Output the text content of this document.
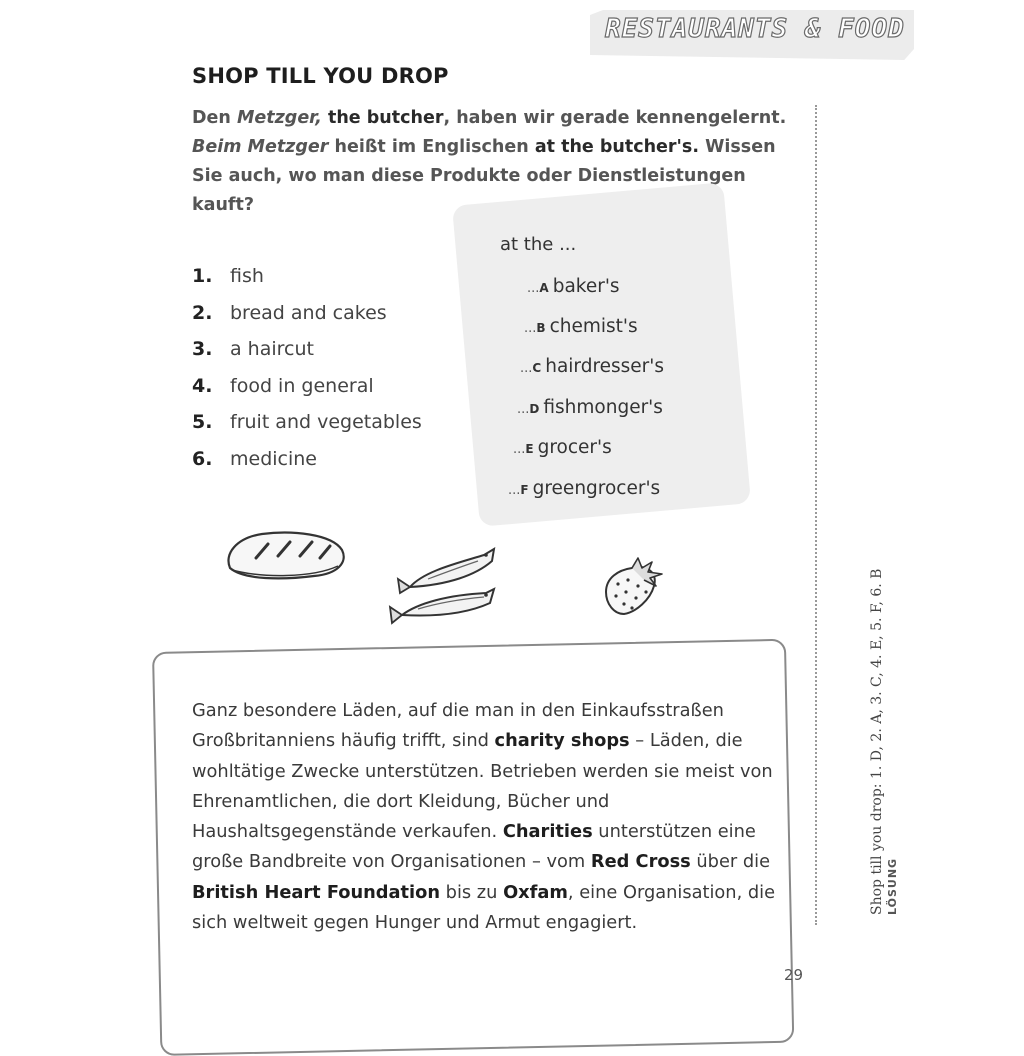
RESTAURANTS & FOOD
SHOP TILL YOU DROP
Den Metzger, the butcher, haben wir gerade kennengelernt.
Beim Metzger heißt im Englischen at the butcher's. Wissen Sie auch, wo man diese Produkte oder Dienstleistungen kauft?
1. fish
2. bread and cakes
3. a haircut
4. food in general
5. fruit and vegetables
6. medicine
at the ...
...A baker's
...B chemist's
...C hairdresser's
...D fishmonger's
...E grocer's
...F greengrocer's
Ganz besondere Läden, auf die man in den Einkaufsstraßen Großbritanniens häufig trifft, sind charity shops – Läden, die wohltätige Zwecke unterstützen. Betrieben werden sie meist von Ehrenamtlichen, die dort Kleidung, Bücher und Haushaltsgegenstände verkaufen. Charities unterstützen eine große Bandbreite von Organisationen – vom Red Cross über die British Heart Foundation bis zu Oxfam, eine Organisation, die sich weltweit gegen Hunger und Armut engagiert.
29
Shop till you drop: 1. D, 2. A, 3. C, 4. E, 5. F, 6. B LÖSUNG
